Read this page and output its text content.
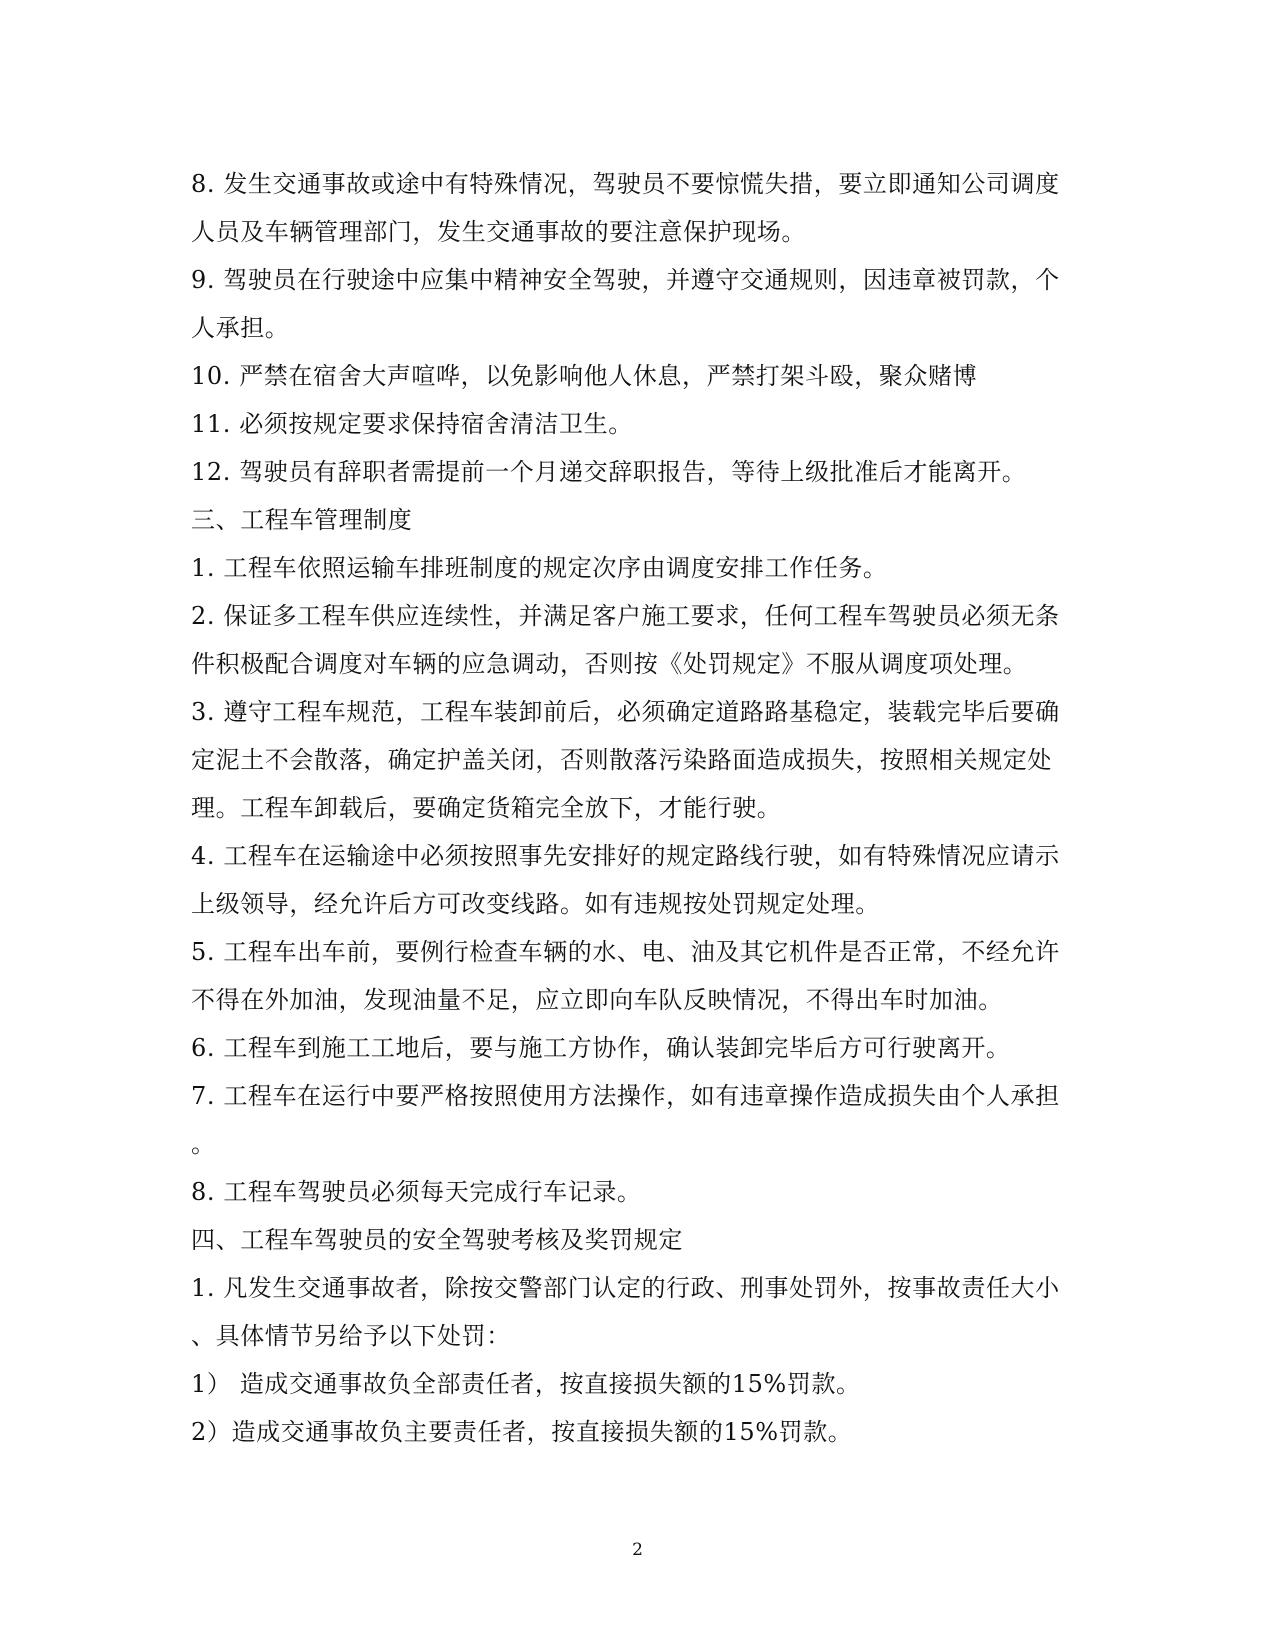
8. 发生交通事故或途中有特殊情况，驾驶员不要惊慌失措，要立即通知公司调度
人员及车辆管理部门，发生交通事故的要注意保护现场。
9. 驾驶员在行驶途中应集中精神安全驾驶，并遵守交通规则，因违章被罚款，个
人承担。
10. 严禁在宿舍大声喧哗，以免影响他人休息，严禁打架斗殴，聚众赌博
11. 必须按规定要求保持宿舍清洁卫生。
12. 驾驶员有辞职者需提前一个月递交辞职报告，等待上级批准后才能离开。
三、工程车管理制度
1. 工程车依照运输车排班制度的规定次序由调度安排工作任务。
2. 保证多工程车供应连续性，并满足客户施工要求，任何工程车驾驶员必须无条
件积极配合调度对车辆的应急调动，否则按《处罚规定》不服从调度项处理。
3. 遵守工程车规范，工程车装卸前后，必须确定道路路基稳定，装载完毕后要确
定泥土不会散落，确定护盖关闭，否则散落污染路面造成损失，按照相关规定处
理。工程车卸载后，要确定货箱完全放下，才能行驶。
4. 工程车在运输途中必须按照事先安排好的规定路线行驶，如有特殊情况应请示
上级领导，经允许后方可改变线路。如有违规按处罚规定处理。
5. 工程车出车前，要例行检查车辆的水、电、油及其它机件是否正常，不经允许
不得在外加油，发现油量不足，应立即向车队反映情况，不得出车时加油。
6. 工程车到施工工地后，要与施工方协作，确认装卸完毕后方可行驶离开。
7. 工程车在运行中要严格按照使用方法操作，如有违章操作造成损失由个人承担
。
8. 工程车驾驶员必须每天完成行车记录。
四、工程车驾驶员的安全驾驶考核及奖罚规定
1. 凡发生交通事故者，除按交警部门认定的行政、刑事处罚外，按事故责任大小
、具体情节另给予以下处罚：
1） 造成交通事故负全部责任者，按直接损失额的15%罚款。
2）造成交通事故负主要责任者，按直接损失额的15%罚款。
2
